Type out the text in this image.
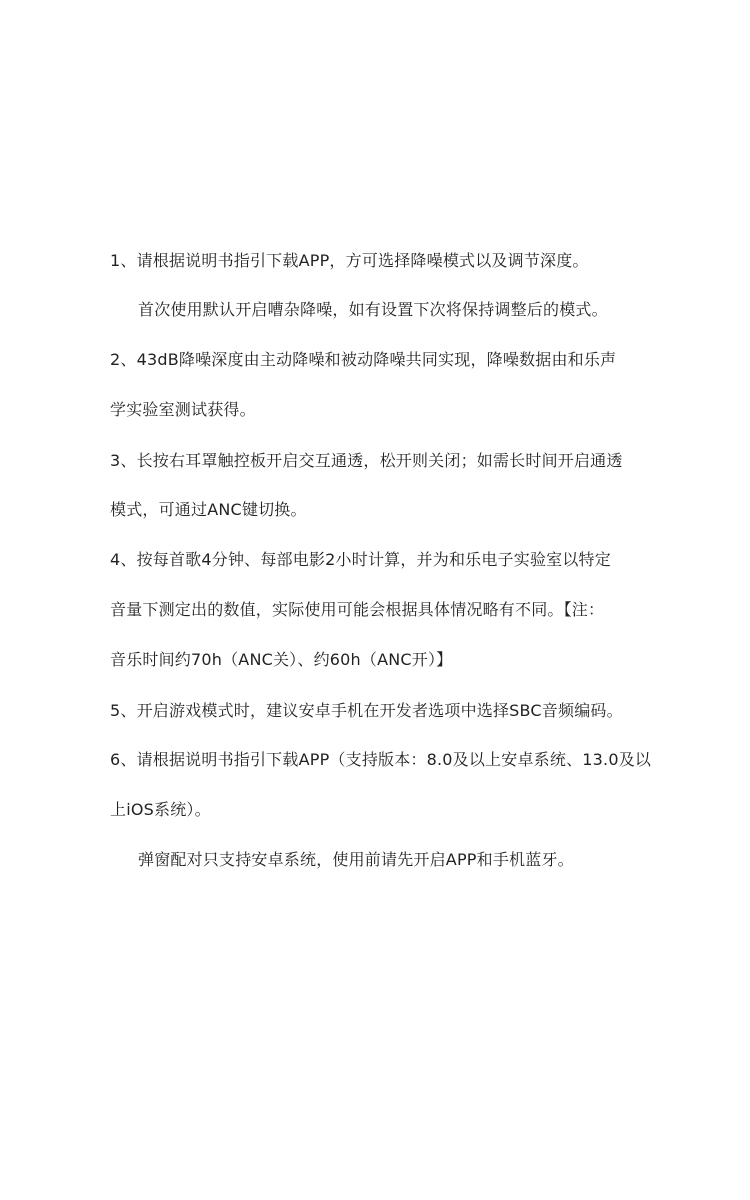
1、请根据说明书指引下载APP，方可选择降噪模式以及调节深度。
首次使用默认开启嘈杂降噪，如有设置下次将保持调整后的模式。
2、43dB降噪深度由主动降噪和被动降噪共同实现，降噪数据由和乐声
学实验室测试获得。
3、长按右耳罩触控板开启交互通透，松开则关闭；如需长时间开启通透
模式，可通过ANC键切换。
4、按每首歌4分钟、每部电影2小时计算，并为和乐电子实验室以特定
音量下测定出的数值，实际使用可能会根据具体情况略有不同。【注：
音乐时间约70h（ANC关）、约60h（ANC开）】
5、开启游戏模式时，建议安卓手机在开发者选项中选择SBC音频编码。
6、请根据说明书指引下载APP（支持版本：8.0及以上安卓系统、13.0及以
上iOS系统）。
弹窗配对只支持安卓系统，使用前请先开启APP和手机蓝牙。
